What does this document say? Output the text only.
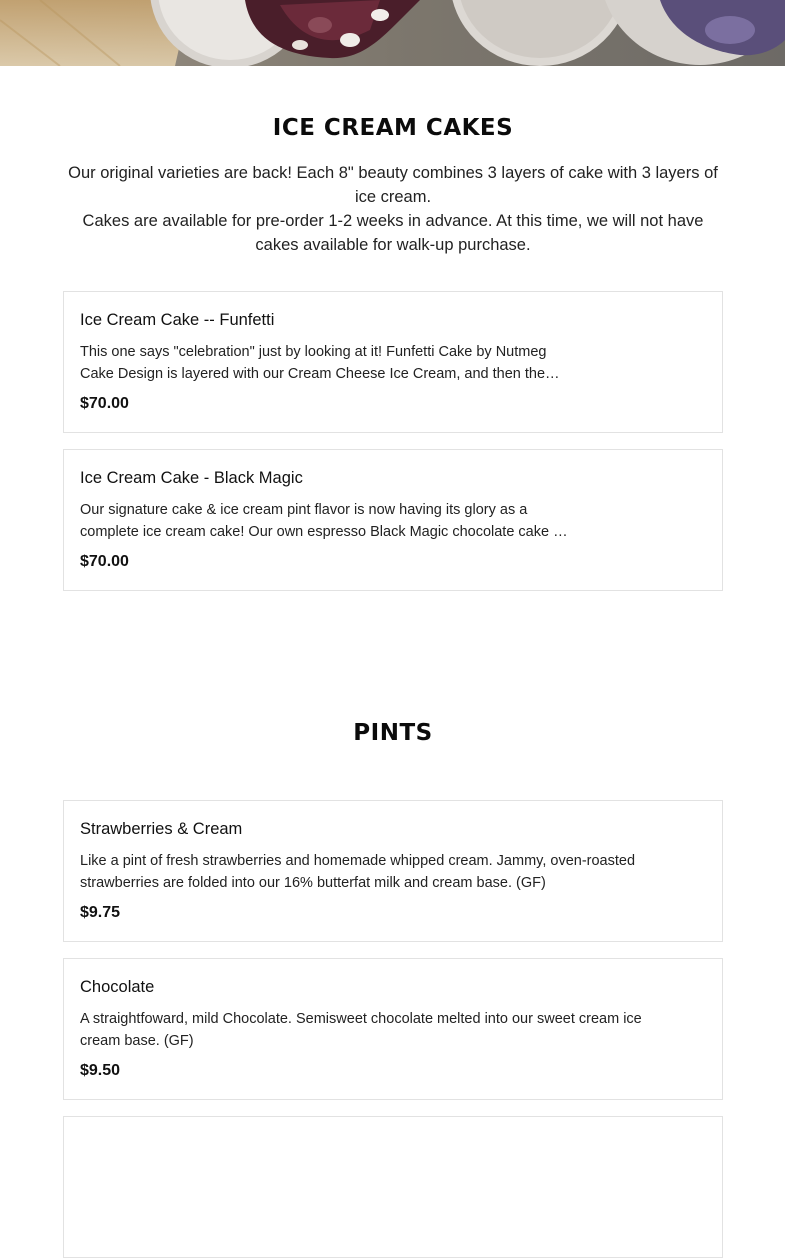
ICE CREAM CAKES

Our original varieties are back! Each 8" beauty combines 3 layers of cake with 3 layers of ice cream.

Cakes are available for pre-order 1-2 weeks in advance. At this time, we will not have cakes available for walk-up purchase.

Ice Cream Cake -- Funfetti
This one says "celebration" just by looking at it! Funfetti Cake by Nutmeg Cake Design is layered with our Cream Cheese Ice Cream, and then the…
$70.00
Ice Cream Cake - Black Magic
Our signature cake & ice cream pint flavor is now having its glory as a complete ice cream cake! Our own espresso Black Magic chocolate cake …
$70.00
PINTS
Strawberries & Cream
Like a pint of fresh strawberries and homemade whipped cream. Jammy, oven-roasted strawberries are folded into our 16% butterfat milk and cream base. (GF)
$9.75
Chocolate
A straightfoward, mild Chocolate. Semisweet chocolate melted into our sweet cream ice cream base. (GF)
$9.50
